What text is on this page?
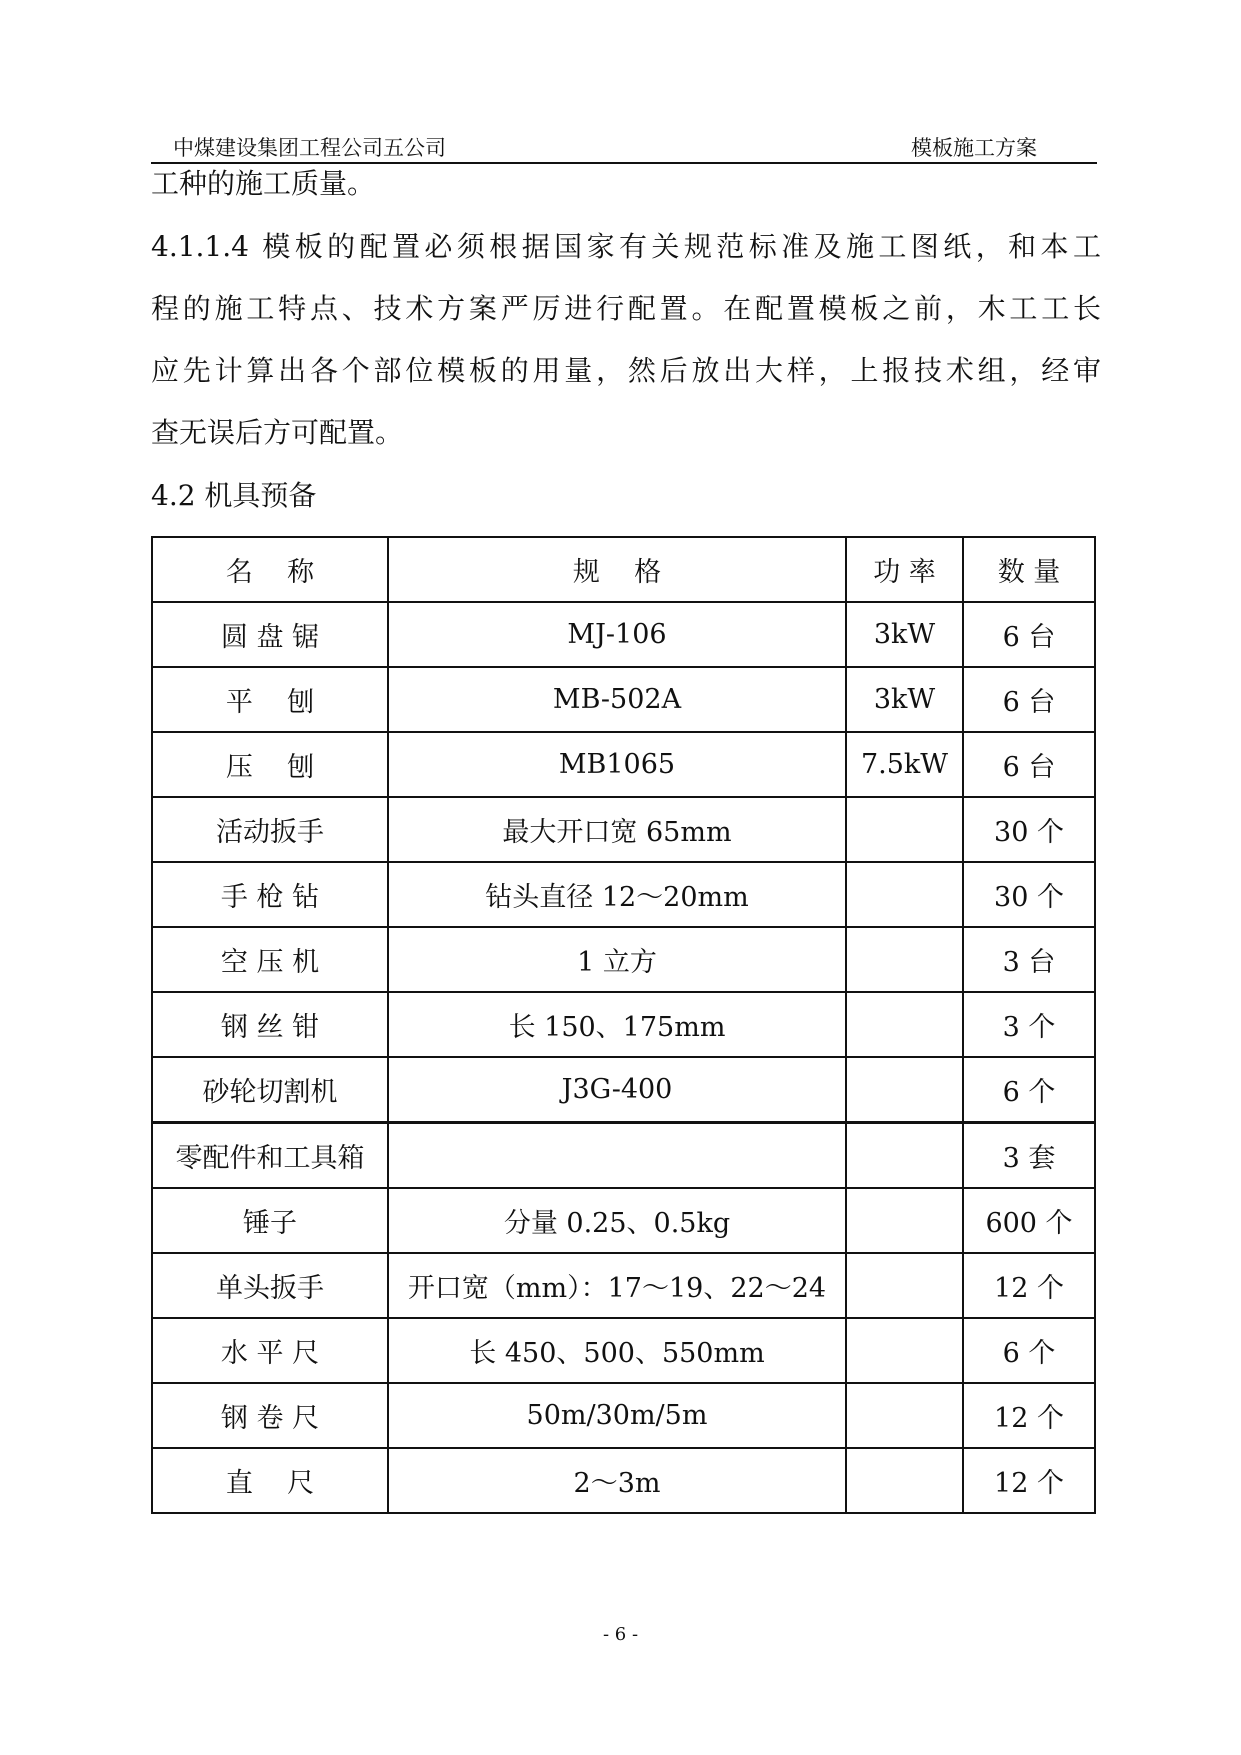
中煤建设集团工程公司五公司	模板施工方案
工种的施工质量。
4.1.1.4 模板的配置必须根据国家有关规范标准及施工图纸，和本工
程的施工特点、技术方案严厉进行配置。在配置模板之前，木工工长
应先计算出各个部位模板的用量，然后放出大样，上报技术组，经审
查无误后方可配置。
4.2 机具预备
名    称	规    格	功 率	数 量
圆 盘 锯	MJ-106	3kW	6 台
平    刨	MB-502A	3kW	6 台
压    刨	MB1065	7.5kW	6 台
活动扳手	最大开口宽 65mm		30 个
手 枪 钻	钻头直径 12～20mm		30 个
空 压 机	1 立方		3 台
钢 丝 钳	长 150、175mm		3 个
砂轮切割机	J3G-400		6 个
零配件和工具箱			3 套
锤子	分量 0.25、0.5kg		600 个
单头扳手	开口宽（mm）：17～19、22～24		12 个
水 平 尺	长 450、500、550mm		6 个
钢 卷 尺	50m/30m/5m		12 个
直    尺	2～3m		12 个
- 6 -
